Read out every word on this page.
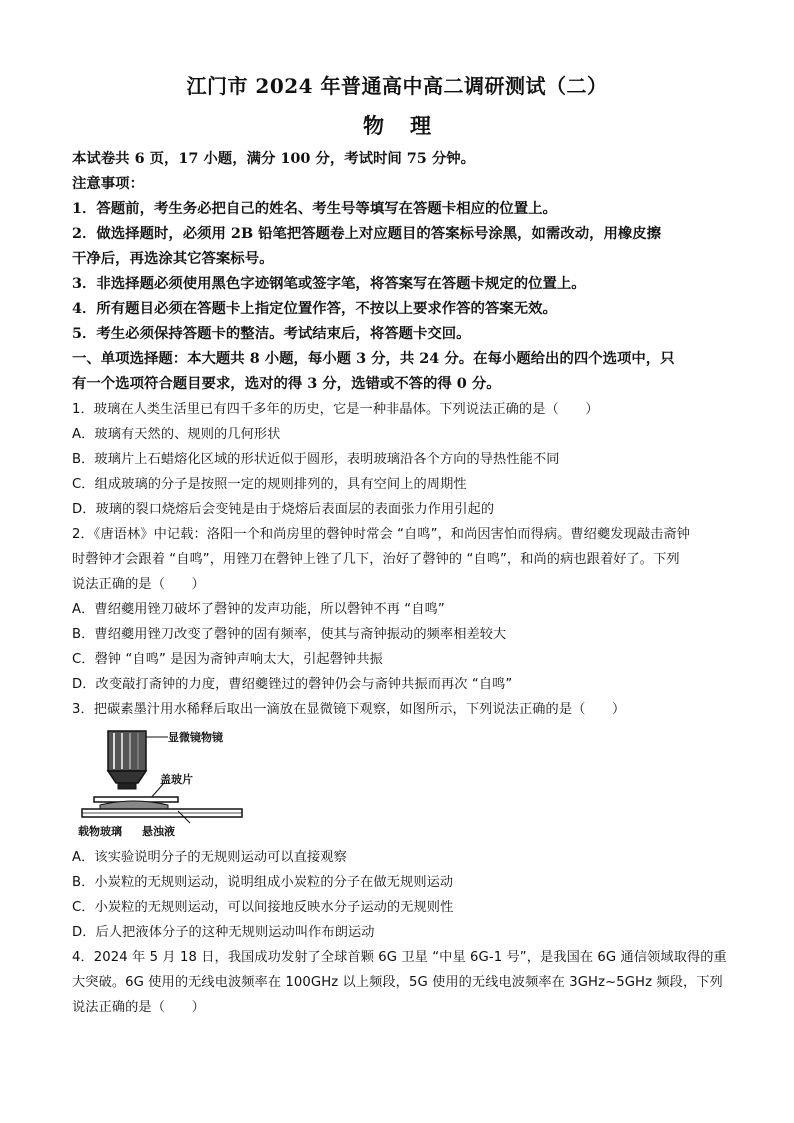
江门市 2024 年普通高中高二调研测试（二）
物理
本试卷共 6 页，17 小题，满分 100 分，考试时间 75 分钟。
注意事项：
1．答题前，考生务必把自己的姓名、考生号等填写在答题卡相应的位置上。
2．做选择题时，必须用 2B 铅笔把答题卷上对应题目的答案标号涂黑，如需改动，用橡皮擦
干净后，再选涂其它答案标号。
3．非选择题必须使用黑色字迹钢笔或签字笔，将答案写在答题卡规定的位置上。
4．所有题目必须在答题卡上指定位置作答，不按以上要求作答的答案无效。
5．考生必须保持答题卡的整洁。考试结束后，将答题卡交回。
一、单项选择题：本大题共 8 小题，每小题 3 分，共 24 分。在每小题给出的四个选项中，只
有一个选项符合题目要求，选对的得 3 分，选错或不答的得 0 分。
1．玻璃在人类生活里已有四千多年的历史，它是一种非晶体。下列说法正确的是（　　）
A．玻璃有天然的、规则的几何形状
B．玻璃片上石蜡熔化区域的形状近似于圆形，表明玻璃沿各个方向的导热性能不同
C．组成玻璃的分子是按照一定的规则排列的，具有空间上的周期性
D．玻璃的裂口烧熔后会变钝是由于烧熔后表面层的表面张力作用引起的
2．《唐语林》中记载：洛阳一个和尚房里的磬钟时常会 “自鸣”，和尚因害怕而得病。曹绍夔发现敲击斋钟
时磬钟才会跟着 “自鸣”，用锉刀在磬钟上锉了几下，治好了磬钟的 “自鸣”，和尚的病也跟着好了。下列
说法正确的是（　　）
A．曹绍夔用锉刀破坏了磬钟的发声功能，所以磬钟不再 “自鸣”
B．曹绍夔用锉刀改变了磬钟的固有频率，使其与斋钟振动的频率相差较大
C．磬钟 “自鸣” 是因为斋钟声响太大，引起磬钟共振
D．改变敲打斋钟的力度，曹绍夔锉过的磬钟仍会与斋钟共振而再次 “自鸣”
3．把碳素墨汁用水稀释后取出一滴放在显微镜下观察，如图所示，下列说法正确的是（　　）
显微镜物镜
盖玻片
载物玻璃 悬浊液
A．该实验说明分子的无规则运动可以直接观察
B．小炭粒的无规则运动，说明组成小炭粒的分子在做无规则运动
C．小炭粒的无规则运动，可以间接地反映水分子运动的无规则性
D．后人把液体分子的这种无规则运动叫作布朗运动
4．2024 年 5 月 18 日，我国成功发射了全球首颗 6G 卫星 “中星 6G-1 号”，是我国在 6G 通信领域取得的重
大突破。6G 使用的无线电波频率在 100GHz 以上频段，5G 使用的无线电波频率在 3GHz~5GHz 频段，下列
说法正确的是（　　）
